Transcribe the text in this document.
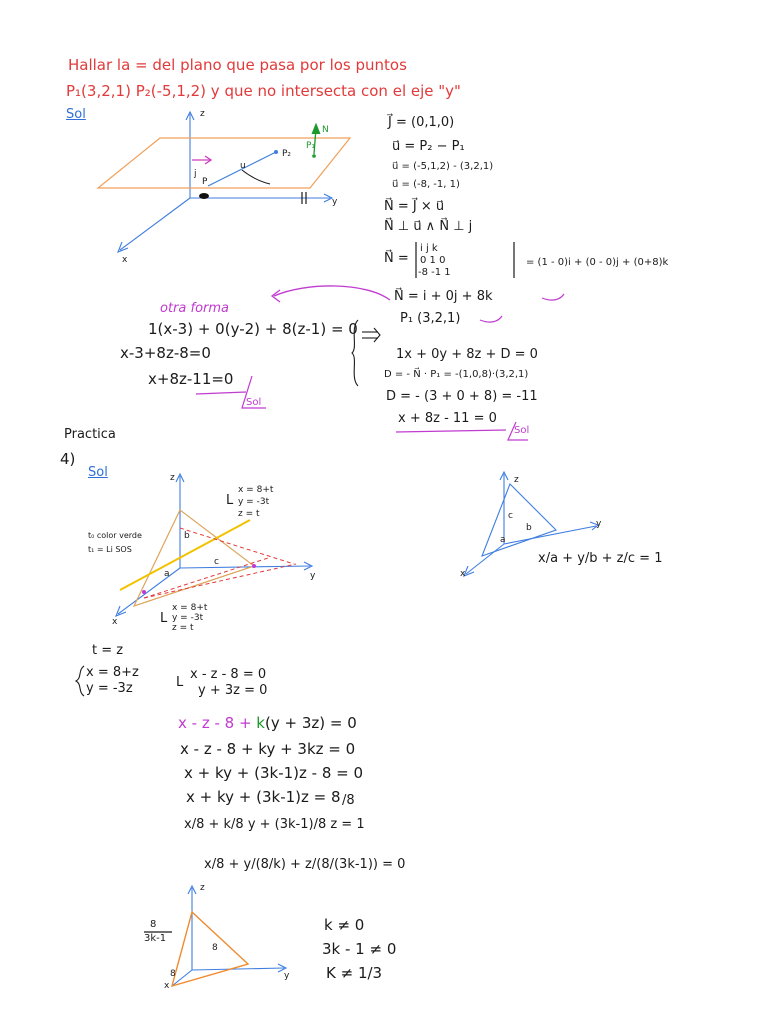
Hallar la = del plano que pasa por los puntos
P₁(3,2,1) P₂(-5,1,2) y que no intersecta con el eje "y"
Sol	z
y
x
j
P
P₂
P₁
N
u
J⃗ = (0,1,0)
u⃗ = P₂ − P₁
u⃗ = (-5,1,2) - (3,2,1)
u⃗ = (-8, -1, 1)
N⃗ = J⃗ × u⃗
N⃗ ⊥ u⃗ ∧ N⃗ ⊥ j
N⃗ =
i j k
0 1 0
-8 -1 1
= (1 - 0)i + (0 - 0)j + (0+8)k
N⃗ = i + 0j + 8k
P₁ (3,2,1)
otra forma
1(x-3) + 0(y-2) + 8(z-1) = 0
x-3+8z-8=0
x+8z-11=0
Sol
1x + 0y + 8z + D = 0
D = - N⃗ · P₁ = -(1,0,8)·(3,2,1)
D = - (3 + 0 + 8) = -11
x + 8z - 11 = 0
Sol
Practica
4)
Sol	z
y
x
b
c
a
t₀ color verde
t₁ = Li SOS
L
x = 8+t
y = -3t
z = t
L
x = 8+t
y = -3t
z = t
z
y
x
c
b
a
x/a + y/b + z/c = 1
t = z
x = 8+z
y = -3z	L
x - z - 8 = 0
y + 3z = 0
x - z - 8 + k(y + 3z) = 0
x - z - 8 + ky + 3kz = 0
x + ky + (3k-1)z - 8 = 0
x + ky + (3k-1)z = 8 /8
x/8 + k/8 y + (3k-1)/8 z = 1
x/8 + y/(8/k) + z/(8/(3k-1)) = 0
z
y
x
8
8
8
3k-1
k ≠ 0
3k - 1 ≠ 0
K ≠ 1/3
